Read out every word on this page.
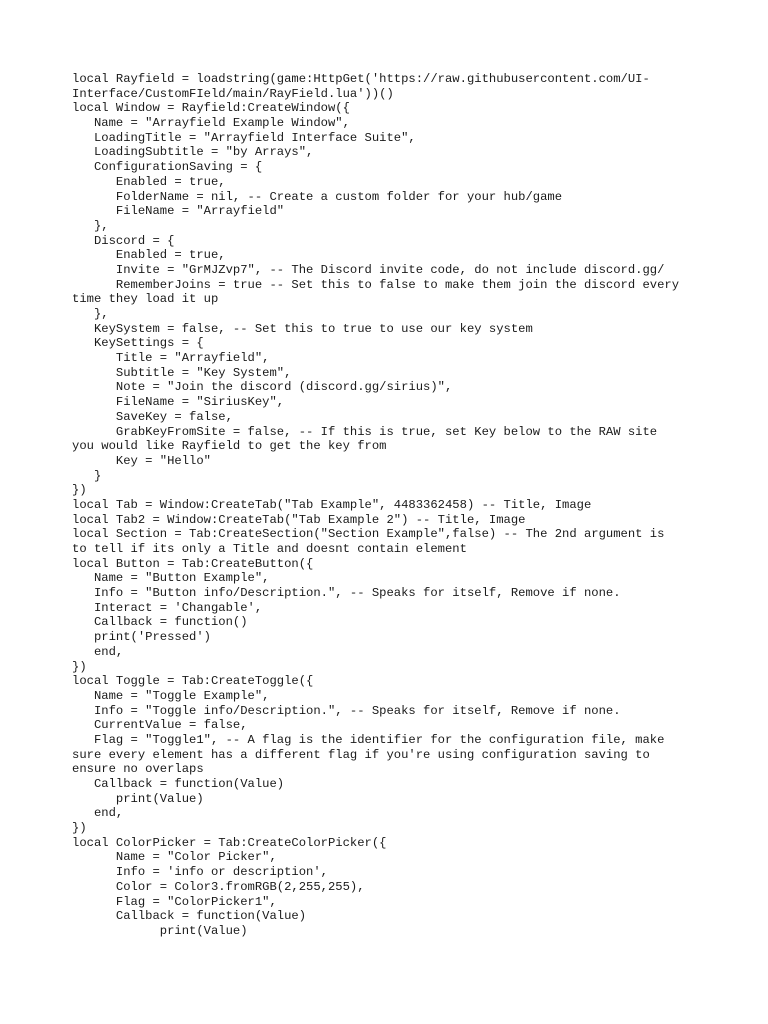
local Rayfield = loadstring(game:HttpGet('https://raw.githubusercontent.com/UI-
Interface/CustomFIeld/main/RayField.lua'))()
local Window = Rayfield:CreateWindow({
Name = "Arrayfield Example Window",
LoadingTitle = "Arrayfield Interface Suite",
LoadingSubtitle = "by Arrays",
ConfigurationSaving = {
Enabled = true,
FolderName = nil, -- Create a custom folder for your hub/game
FileName = "Arrayfield"
},
Discord = {
Enabled = true,
Invite = "GrMJZvp7", -- The Discord invite code, do not include discord.gg/
RememberJoins = true -- Set this to false to make them join the discord every
time they load it up
},
KeySystem = false, -- Set this to true to use our key system
KeySettings = {
Title = "Arrayfield",
Subtitle = "Key System",
Note = "Join the discord (discord.gg/sirius)",
FileName = "SiriusKey",
SaveKey = false,
GrabKeyFromSite = false, -- If this is true, set Key below to the RAW site
you would like Rayfield to get the key from
Key = "Hello"
}
})
local Tab = Window:CreateTab("Tab Example", 4483362458) -- Title, Image
local Tab2 = Window:CreateTab("Tab Example 2") -- Title, Image
local Section = Tab:CreateSection("Section Example",false) -- The 2nd argument is
to tell if its only a Title and doesnt contain element
local Button = Tab:CreateButton({
Name = "Button Example",
Info = "Button info/Description.", -- Speaks for itself, Remove if none.
Interact = 'Changable',
Callback = function()
print('Pressed')
end,
})
local Toggle = Tab:CreateToggle({
Name = "Toggle Example",
Info = "Toggle info/Description.", -- Speaks for itself, Remove if none.
CurrentValue = false,
Flag = "Toggle1", -- A flag is the identifier for the configuration file, make
sure every element has a different flag if you're using configuration saving to
ensure no overlaps
Callback = function(Value)
print(Value)
end,
})
local ColorPicker = Tab:CreateColorPicker({
Name = "Color Picker",
Info = 'info or description',
Color = Color3.fromRGB(2,255,255),
Flag = "ColorPicker1",
Callback = function(Value)
print(Value)
